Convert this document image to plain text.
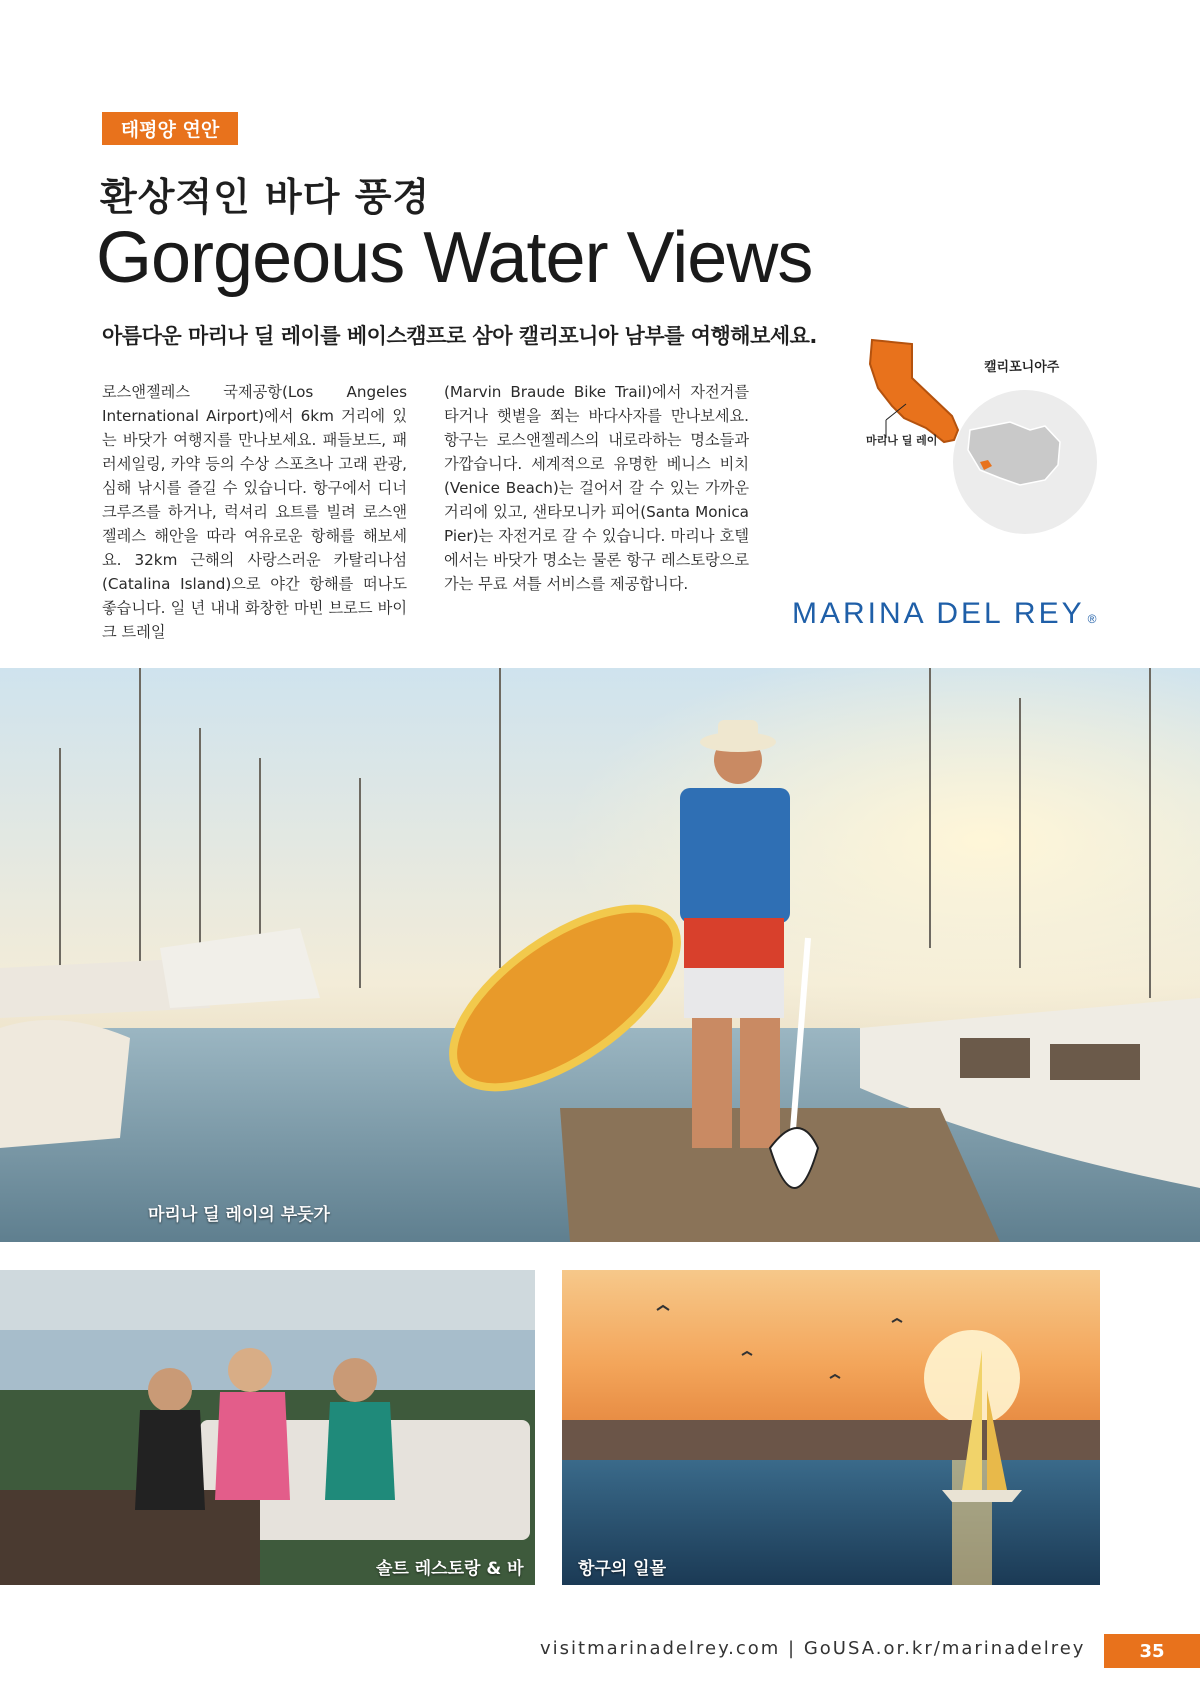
태평양 연안
환상적인 바다 풍경
Gorgeous Water Views
아름다운 마리나 딜 레이를 베이스캠프로 삼아 캘리포니아 남부를 여행해보세요.
로스앤젤레스 국제공항(Los Angeles International Airport)에서 6km 거리에 있는 바닷가 여행지를 만나보세요. 패들보드, 패러세일링, 카약 등의 수상 스포츠나 고래 관광, 심해 낚시를 즐길 수 있습니다. 항구에서 디너 크루즈를 하거나, 럭셔리 요트를 빌려 로스앤젤레스 해안을 따라 여유로운 항해를 해보세요. 32km 근해의 사랑스러운 카탈리나섬(Catalina Island)으로 야간 항해를 떠나도 좋습니다. 일 년 내내 화창한 마빈 브로드 바이크 트레일
(Marvin Braude Bike Trail)에서 자전거를 타거나 햇볕을 쬐는 바다사자를 만나보세요. 항구는 로스앤젤레스의 내로라하는 명소들과 가깝습니다. 세계적으로 유명한 베니스 비치(Venice Beach)는 걸어서 갈 수 있는 가까운 거리에 있고, 샌타모니카 피어(Santa Monica Pier)는 자전거로 갈 수 있습니다. 마리나 호텔에서는 바닷가 명소는 물론 항구 레스토랑으로 가는 무료 셔틀 서비스를 제공합니다.
캘리포니아주
마리나 딜 레이
MARINA DEL REY ®
마리나 딜 레이의 부둣가
솔트 레스토랑 & 바	항구의 일몰
visitmarinadelrey.com | GoUSA.or.kr/marinadelrey	35
